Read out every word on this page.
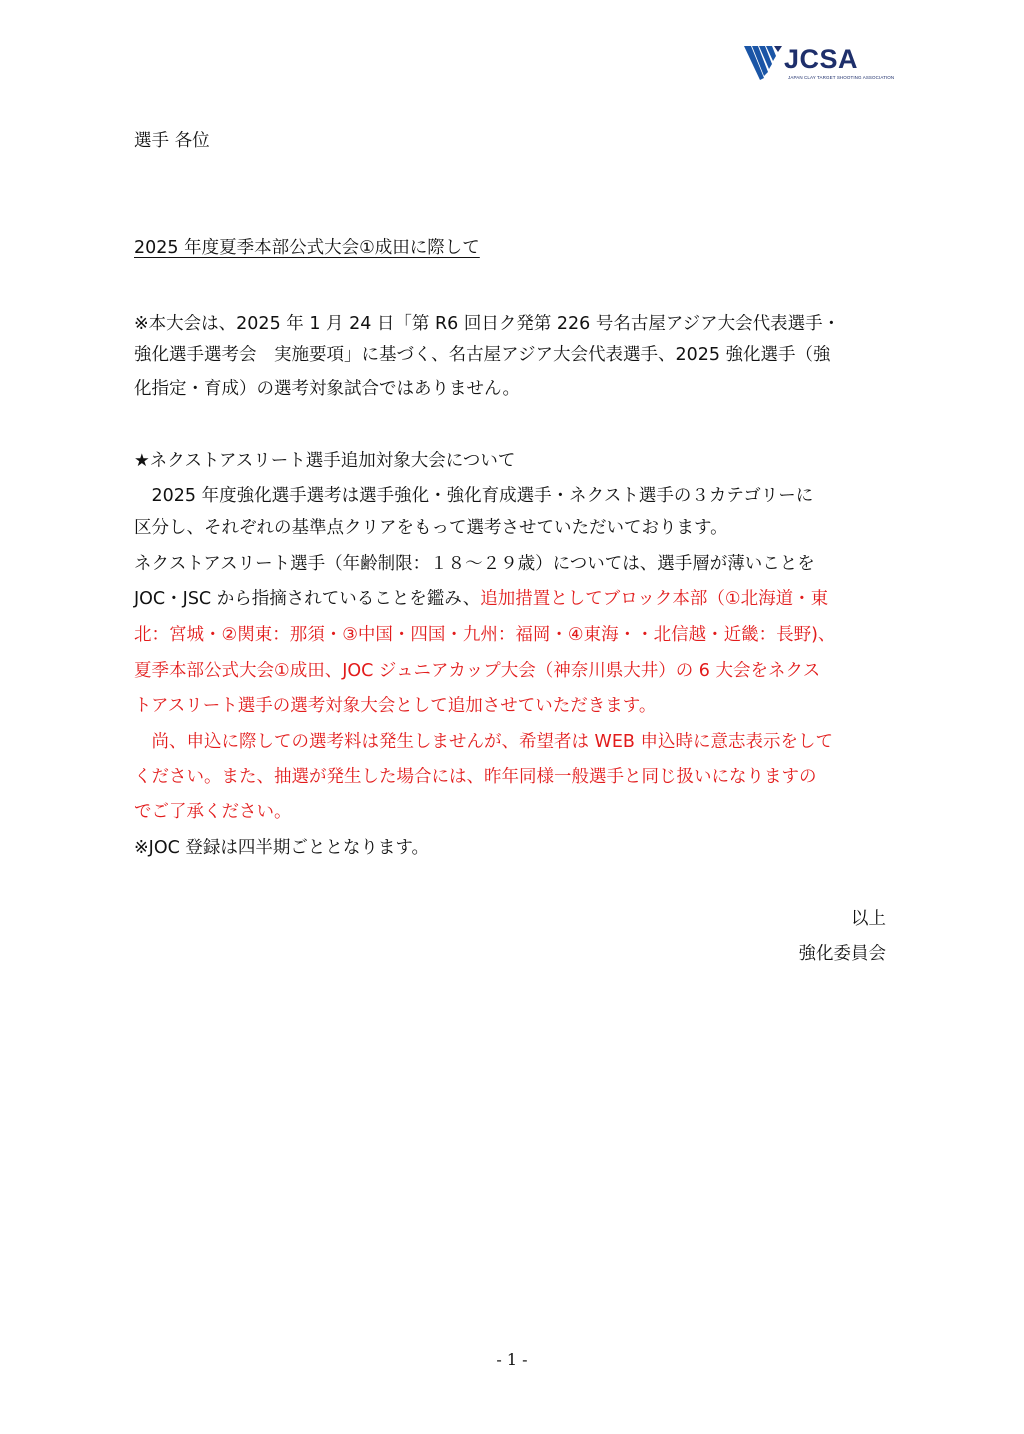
JCSA
JAPAN CLAY TARGET SHOOTING ASSOCIATION
選手 各位
2025 年度夏季本部公式大会①成田に際して
※本大会は、2025 年 1 月 24 日「第 R6 回日ク発第 226 号名古屋アジア大会代表選手・
強化選手選考会　実施要項」に基づく、名古屋アジア大会代表選手、2025 強化選手（強
化指定・育成）の選考対象試合ではありません。
★ネクストアスリート選手追加対象大会について
　2025 年度強化選手選考は選手強化・強化育成選手・ネクスト選手の３カテゴリーに
区分し、それぞれの基準点クリアをもって選考させていただいております。
ネクストアスリート選手（年齢制限：１８～２９歳）については、選手層が薄いことを
JOC・JSC から指摘されていることを鑑み、追加措置としてブロック本部（①北海道・東
北：宮城・②関東：那須・③中国・四国・九州：福岡・④東海・・北信越・近畿：長野)、
夏季本部公式大会①成田、JOC ジュニアカップ大会（神奈川県大井）の 6 大会をネクス
トアスリート選手の選考対象大会として追加させていただきます。
　尚、申込に際しての選考料は発生しませんが、希望者は WEB 申込時に意志表示をして
ください。また、抽選が発生した場合には、昨年同様一般選手と同じ扱いになりますの
でご了承ください。
※JOC 登録は四半期ごととなります。
以上
強化委員会
- 1 -
